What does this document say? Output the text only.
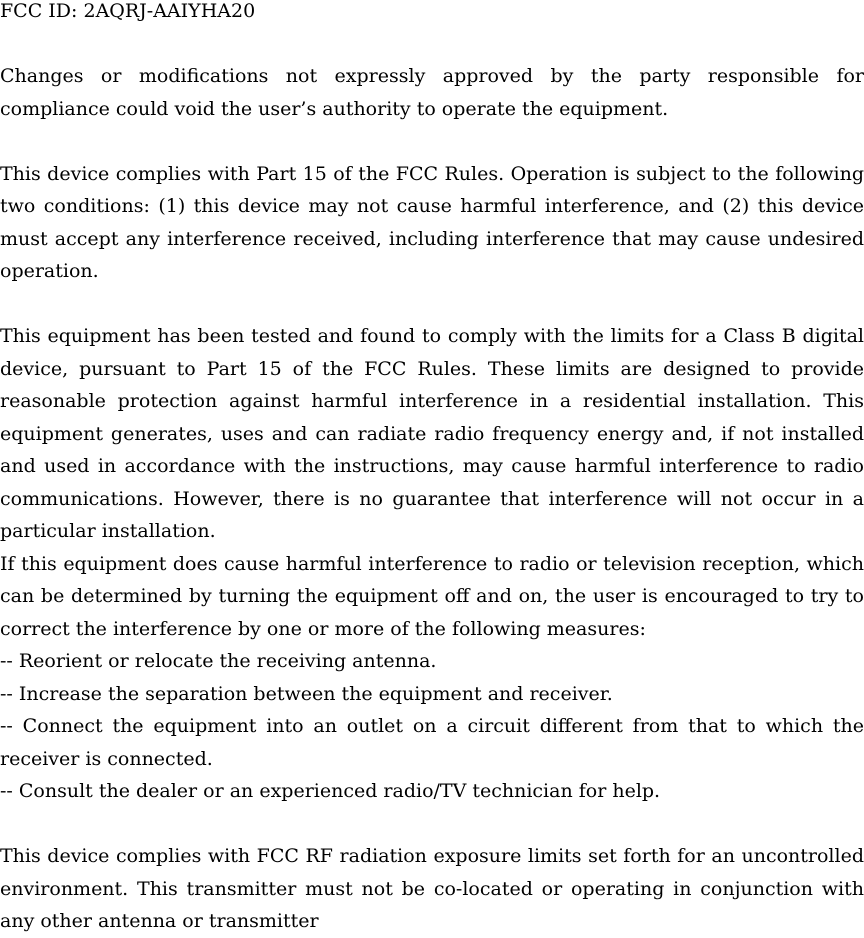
FCC ID: 2AQRJ-AAIYHA20

Changes or modifications not expressly approved by the party responsible for compliance could void the user’s authority to operate the equipment.

This device complies with Part 15 of the FCC Rules. Operation is subject to the following two conditions: (1) this device may not cause harmful interference, and (2) this device must accept any interference received, including interference that may cause undesired operation.

This equipment has been tested and found to comply with the limits for a Class B digital device, pursuant to Part 15 of the FCC Rules. These limits are designed to provide reasonable protection against harmful interference in a residential installation. This equipment generates, uses and can radiate radio frequency energy and, if not installed and used in accordance with the instructions, may cause harmful interference to radio communications. However, there is no guarantee that interference will not occur in a particular installation.

If this equipment does cause harmful interference to radio or television reception, which can be determined by turning the equipment off and on, the user is encouraged to try to correct the interference by one or more of the following measures:

-- Reorient or relocate the receiving antenna.

-- Increase the separation between the equipment and receiver.

-- Connect the equipment into an outlet on a circuit different from that to which the receiver is connected.

-- Consult the dealer or an experienced radio/TV technician for help.

This device complies with FCC RF radiation exposure limits set forth for an uncontrolled environment. This transmitter must not be co-located or operating in conjunction with any other antenna or transmitter
